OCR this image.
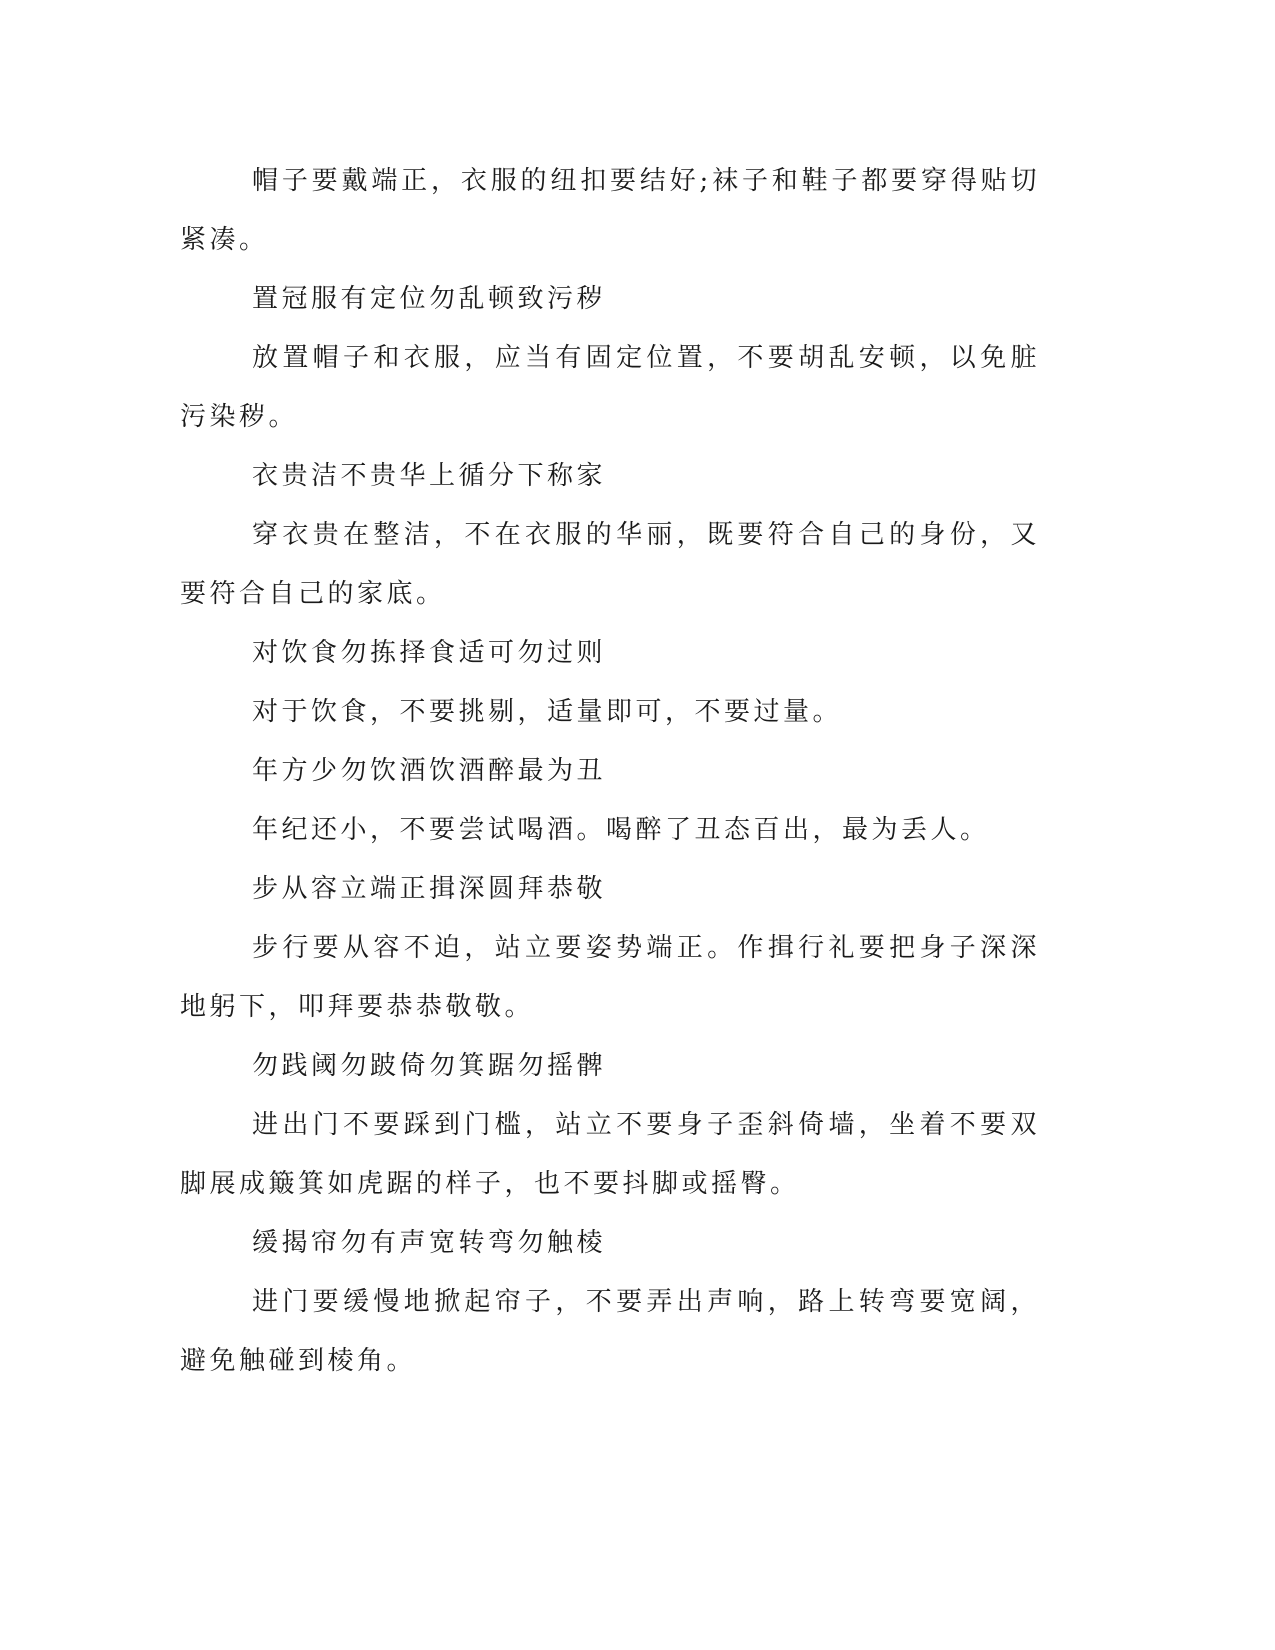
帽子要戴端正，衣服的纽扣要结好;袜子和鞋子都要穿得贴切紧凑。

置冠服有定位勿乱顿致污秽

放置帽子和衣服，应当有固定位置，不要胡乱安顿，以免脏污染秽。

衣贵洁不贵华上循分下称家

穿衣贵在整洁，不在衣服的华丽，既要符合自己的身份，又要符合自己的家底。

对饮食勿拣择食适可勿过则

对于饮食，不要挑剔，适量即可，不要过量。

年方少勿饮酒饮酒醉最为丑

年纪还小，不要尝试喝酒。喝醉了丑态百出，最为丢人。

步从容立端正揖深圆拜恭敬

步行要从容不迫，站立要姿势端正。作揖行礼要把身子深深地躬下，叩拜要恭恭敬敬。

勿践阈勿跛倚勿箕踞勿摇髀

进出门不要踩到门槛，站立不要身子歪斜倚墙，坐着不要双脚展成簸箕如虎踞的样子，也不要抖脚或摇臀。

缓揭帘勿有声宽转弯勿触棱

进门要缓慢地掀起帘子，不要弄出声响，路上转弯要宽阔，避免触碰到棱角。
